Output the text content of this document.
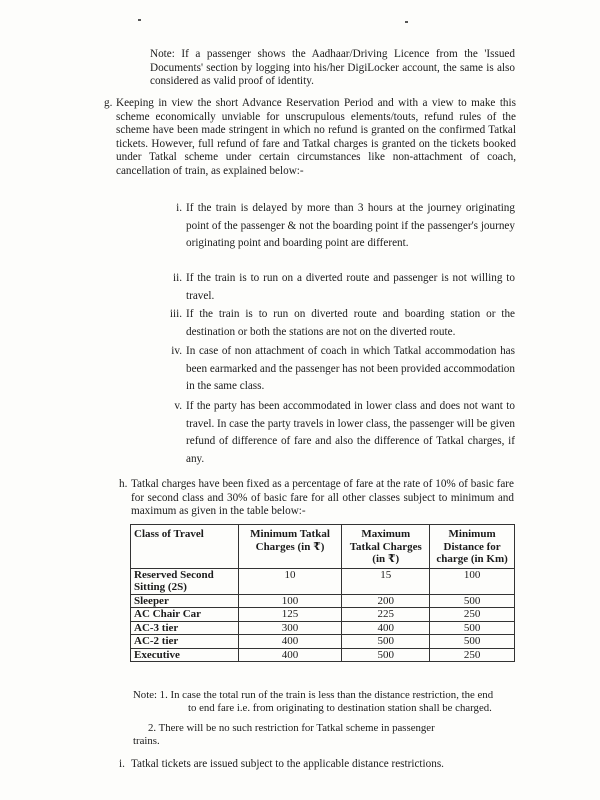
Note: If a passenger shows the Aadhaar/Driving Licence from the 'Issued Documents' section by logging into his/her DigiLocker account, the same is also considered as valid proof of identity.
g. Keeping in view the short Advance Reservation Period and with a view to make this scheme economically unviable for unscrupulous elements/touts, refund rules of the scheme have been made stringent in which no refund is granted on the confirmed Tatkal tickets. However, full refund of fare and Tatkal charges is granted on the tickets booked under Tatkal scheme under certain circumstances like non-attachment of coach, cancellation of train, as explained below:-
i. If the train is delayed by more than 3 hours at the journey originating point of the passenger & not the boarding point if the passenger's journey originating point and boarding point are different.
ii. If the train is to run on a diverted route and passenger is not willing to travel.
iii. If the train is to run on diverted route and boarding station or the destination or both the stations are not on the diverted route.
iv. In case of non attachment of coach in which Tatkal accommodation has been earmarked and the passenger has not been provided accommodation in the same class.
v. If the party has been accommodated in lower class and does not want to travel. In case the party travels in lower class, the passenger will be given refund of difference of fare and also the difference of Tatkal charges, if any.
h. Tatkal charges have been fixed as a percentage of fare at the rate of 10% of basic fare for second class and 30% of basic fare for all other classes subject to minimum and maximum as given in the table below:-
Class of Travel	Minimum Tatkal Charges (in ₹)	Maximum Tatkal Charges (in ₹)	Minimum Distance for charge (in Km)
Reserved Second Sitting (2S)	10	15	100
Sleeper	100	200	500
AC Chair Car	125	225	250
AC-3 tier	300	400	500
AC-2 tier	400	500	500
Executive	400	500	250
Note: 1. In case the total run of the train is less than the distance restriction, the end
to end fare i.e. from originating to destination station shall be charged.
2. There will be no such restriction for Tatkal scheme in passenger
trains.
i. Tatkal tickets are issued subject to the applicable distance restrictions.
